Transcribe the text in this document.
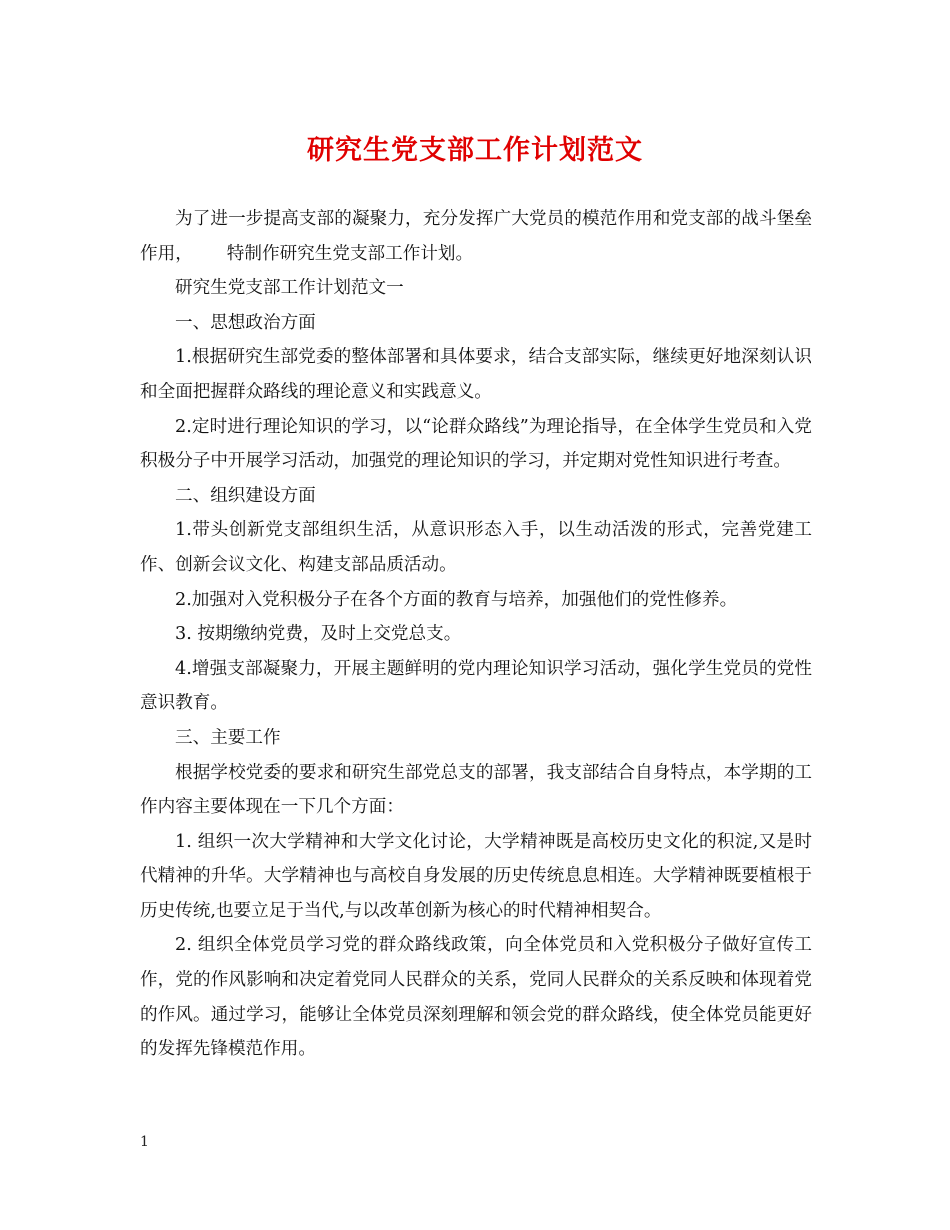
研究生党支部工作计划范文

为了进一步提高支部的凝聚力，充分发挥广大党员的模范作用和党支部的战斗堡垒作用， 特制作研究生党支部工作计划。

研究生党支部工作计划范文一

一、思想政治方面

1.根据研究生部党委的整体部署和具体要求，结合支部实际，继续更好地深刻认识和全面把握群众路线的理论意义和实践意义。

2.定时进行理论知识的学习，以“论群众路线”为理论指导，在全体学生党员和入党积极分子中开展学习活动，加强党的理论知识的学习，并定期对党性知识进行考查。

二、组织建设方面

1.带头创新党支部组织生活，从意识形态入手，以生动活泼的形式，完善党建工作、创新会议文化、构建支部品质活动。

2.加强对入党积极分子在各个方面的教育与培养，加强他们的党性修养。

3. 按期缴纳党费，及时上交党总支。

4.增强支部凝聚力，开展主题鲜明的党内理论知识学习活动，强化学生党员的党性意识教育。

三、主要工作

根据学校党委的要求和研究生部党总支的部署，我支部结合自身特点，本学期的工作内容主要体现在一下几个方面：

1. 组织一次大学精神和大学文化讨论，大学精神既是高校历史文化的积淀,又是时代精神的升华。大学精神也与高校自身发展的历史传统息息相连。大学精神既要植根于历史传统,也要立足于当代,与以改革创新为核心的时代精神相契合。

2. 组织全体党员学习党的群众路线政策，向全体党员和入党积极分子做好宣传工作，党的作风影响和决定着党同人民群众的关系，党同人民群众的关系反映和体现着党的作风。通过学习，能够让全体党员深刻理解和领会党的群众路线，使全体党员能更好的发挥先锋模范作用。

1
